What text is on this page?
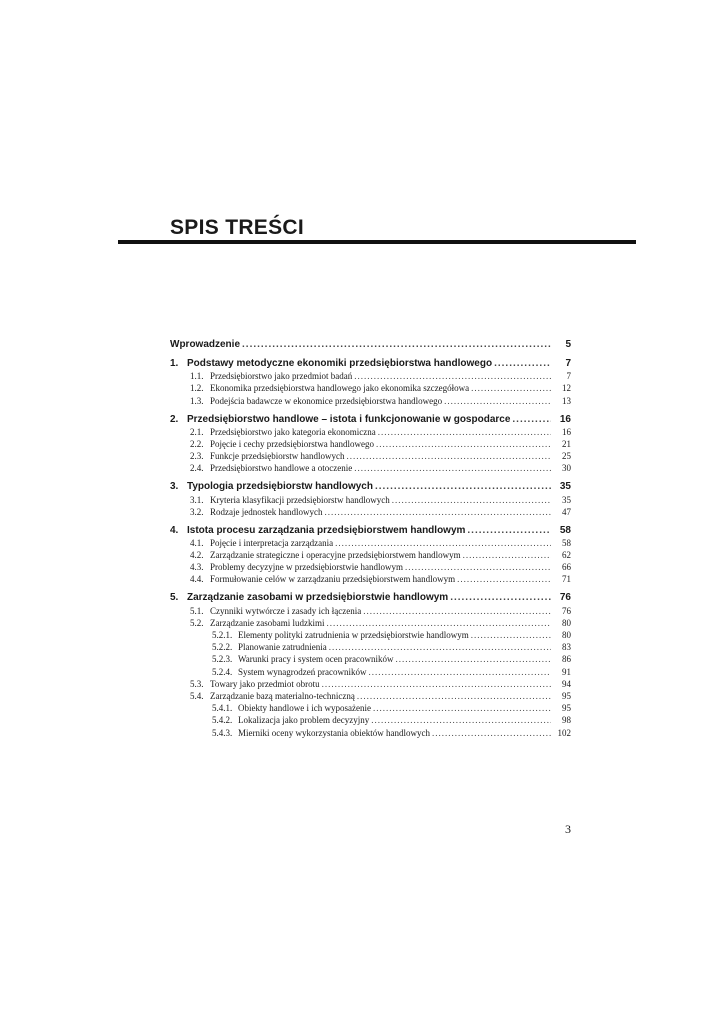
SPIS TREŚCI
Wprowadzenie .....	5
1. Podstawy metodyczne ekonomiki przedsiębiorstwa handlowego .....	7
1.1. Przedsiębiorstwo jako przedmiot badań .....	7
1.2. Ekonomika przedsiębiorstwa handlowego jako ekonomika szczegółowa .....	12
1.3. Podejścia badawcze w ekonomice przedsiębiorstwa handlowego .....	13
2. Przedsiębiorstwo handlowe – istota i funkcjonowanie w gospodarce .....	16
2.1. Przedsiębiorstwo jako kategoria ekonomiczna .....	16
2.2. Pojęcie i cechy przedsiębiorstwa handlowego .....	21
2.3. Funkcje przedsiębiorstw handlowych .....	25
2.4. Przedsiębiorstwo handlowe a otoczenie .....	30
3. Typologia przedsiębiorstw handlowych .....	35
3.1. Kryteria klasyfikacji przedsiębiorstw handlowych .....	35
3.2. Rodzaje jednostek handlowych .....	47
4. Istota procesu zarządzania przedsiębiorstwem handlowym .....	58
4.1. Pojęcie i interpretacja zarządzania .....	58
4.2. Zarządzanie strategiczne i operacyjne przedsiębiorstwem handlowym .....	62
4.3. Problemy decyzyjne w przedsiębiorstwie handlowym .....	66
4.4. Formułowanie celów w zarządzaniu przedsiębiorstwem handlowym .....	71
5. Zarządzanie zasobami w przedsiębiorstwie handlowym .....	76
5.1. Czynniki wytwórcze i zasady ich łączenia .....	76
5.2. Zarządzanie zasobami ludzkimi .....	80
5.2.1. Elementy polityki zatrudnienia w przedsiębiorstwie handlowym .....	80
5.2.2. Planowanie zatrudnienia .....	83
5.2.3. Warunki pracy i system ocen pracowników .....	86
5.2.4. System wynagrodzeń pracowników .....	91
5.3. Towary jako przedmiot obrotu .....	94
5.4. Zarządzanie bazą materialno-techniczną .....	95
5.4.1. Obiekty handlowe i ich wyposażenie .....	95
5.4.2. Lokalizacja jako problem decyzyjny .....	98
5.4.3. Mierniki oceny wykorzystania obiektów handlowych .....	102
3
